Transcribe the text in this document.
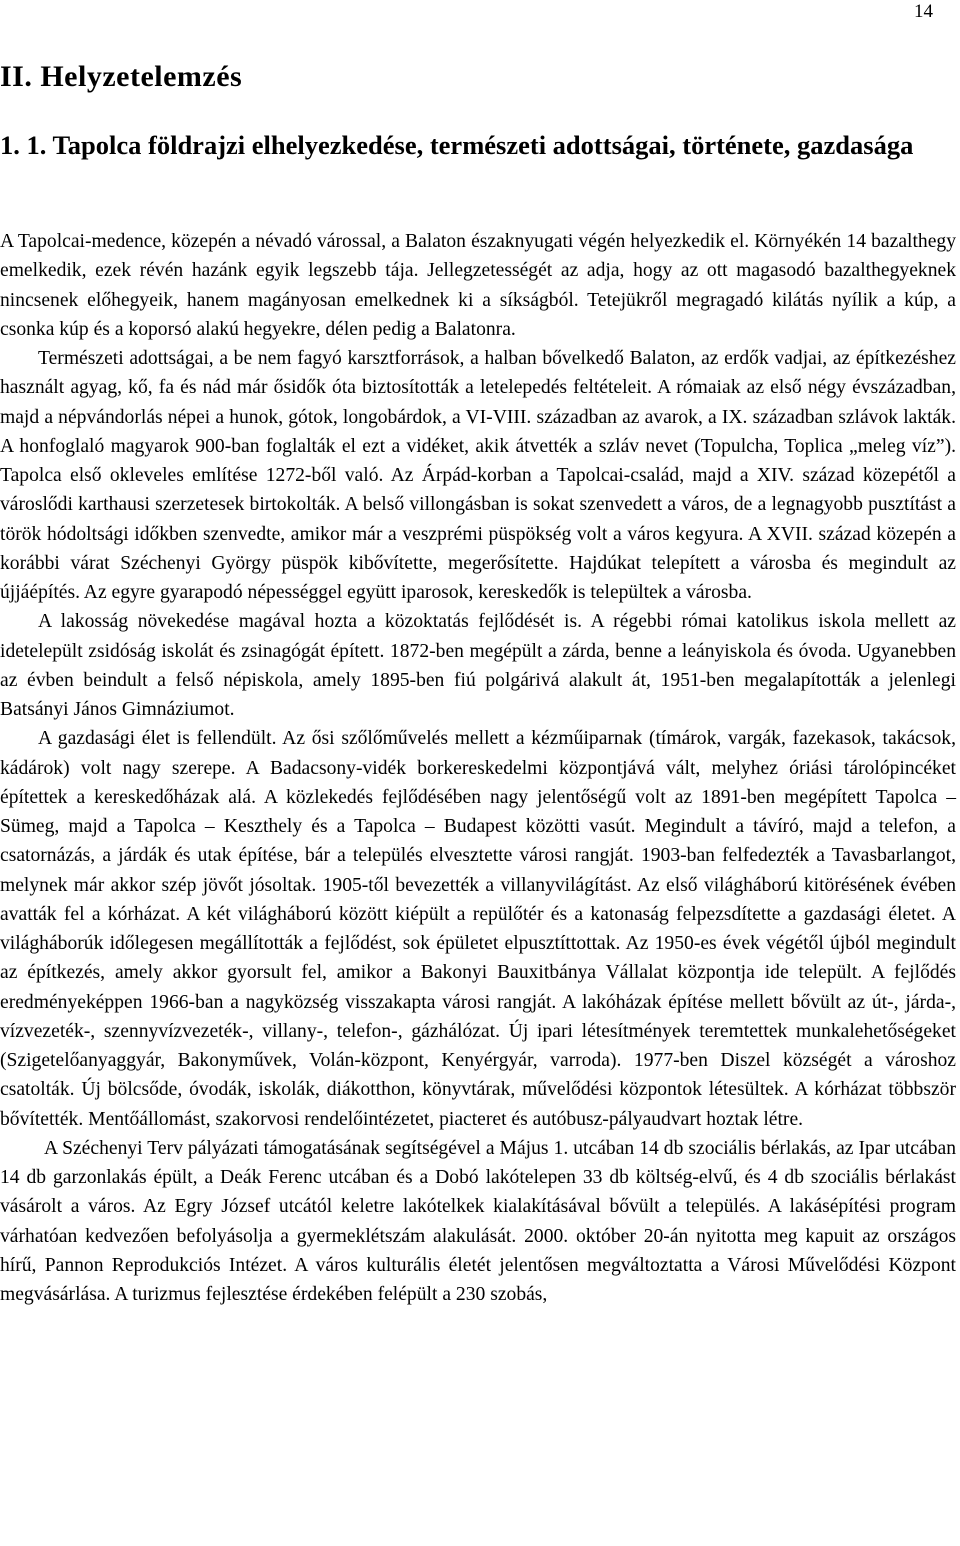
14
II. Helyzetelemzés
1. 1. Tapolca földrajzi elhelyezkedése, természeti adottságai, története, gazdasága

A Tapolcai-medence, közepén a névadó várossal, a Balaton északnyugati végén helyezkedik el. Környékén 14 bazalthegy emelkedik, ezek révén hazánk egyik legszebb tája. Jellegzetességét az adja, hogy az ott magasodó bazalthegyeknek nincsenek előhegyeik, hanem magányosan emelkednek ki a síkságból. Tetejükről megragadó kilátás nyílik a kúp, a csonka kúp és a koporsó alakú hegyekre, délen pedig a Balatonra.

Természeti adottságai, a be nem fagyó karsztforrások, a halban bővelkedő Balaton, az erdők vadjai, az építkezéshez használt agyag, kő, fa és nád már ősidők óta biztosították a letelepedés feltételeit. A rómaiak az első négy évszázadban, majd a népvándorlás népei a hunok, gótok, longobárdok, a VI-VIII. században az avarok, a IX. században szlávok lakták. A honfoglaló magyarok 900-ban foglalták el ezt a vidéket, akik átvették a szláv nevet (Topulcha, Toplica „meleg víz”). Tapolca első okleveles említése 1272-ből való. Az Árpád-korban a Tapolcai-család, majd a XIV. század közepétől a városlődi karthausi szerzetesek birtokolták. A belső villongásban is sokat szenvedett a város, de a legnagyobb pusztítást a török hódoltsági időkben szenvedte, amikor már a veszprémi püspökség volt a város kegyura. A XVII. század közepén a korábbi várat Széchenyi György püspök kibővítette, megerősítette. Hajdúkat telepített a városba és megindult az újjáépítés. Az egyre gyarapodó népességgel együtt iparosok, kereskedők is települtek a városba.

A lakosság növekedése magával hozta a közoktatás fejlődését is. A régebbi római katolikus iskola mellett az idetelepült zsidóság iskolát és zsinagógát épített. 1872-ben megépült a zárda, benne a leányiskola és óvoda. Ugyanebben az évben beindult a felső népiskola, amely 1895-ben fiú polgárivá alakult át, 1951-ben megalapították a jelenlegi Batsányi János Gimnáziumot.

A gazdasági élet is fellendült. Az ősi szőlőművelés mellett a kézműiparnak (tímárok, vargák, fazekasok, takácsok, kádárok) volt nagy szerepe. A Badacsony-vidék borkereskedelmi központjává vált, melyhez óriási tárolópincéket építettek a kereskedőházak alá. A közlekedés fejlődésében nagy jelentőségű volt az 1891-ben megépített Tapolca – Sümeg, majd a Tapolca – Keszthely és a Tapolca – Budapest közötti vasút. Megindult a távíró, majd a telefon, a csatornázás, a járdák és utak építése, bár a település elvesztette városi rangját. 1903-ban felfedezték a Tavasbarlangot, melynek már akkor szép jövőt jósoltak. 1905-től bevezették a villanyvilágítást. Az első világháború kitörésének évében avatták fel a kórházat. A két világháború között kiépült a repülőtér és a katonaság felpezsdítette a gazdasági életet. A világháborúk időlegesen megállították a fejlődést, sok épületet elpusztíttottak. Az 1950-es évek végétől újból megindult az építkezés, amely akkor gyorsult fel, amikor a Bakonyi Bauxitbánya Vállalat központja ide települt. A fejlődés eredményeképpen 1966-ban a nagyközség visszakapta városi rangját. A lakóházak építése mellett bővült az út-, járda-, vízvezeték-, szennyvízvezeték-, villany-, telefon-, gázhálózat. Új ipari létesítmények teremtettek munkalehetőségeket (Szigetelőanyaggyár, Bakonyművek, Volán-központ, Kenyérgyár, varroda). 1977-ben Diszel községét a városhoz csatolták. Új bölcsőde, óvodák, iskolák, diákotthon, könyvtárak, művelődési központok létesültek. A kórházat többször bővítették. Mentőállomást, szakorvosi rendelőintézetet, piacteret és autóbusz-pályaudvart hoztak létre.

A Széchenyi Terv pályázati támogatásának segítségével a Május 1. utcában 14 db szociális bérlakás, az Ipar utcában 14 db garzonlakás épült, a Deák Ferenc utcában és a Dobó lakótelepen 33 db költség-elvű, és 4 db szociális bérlakást vásárolt a város. Az Egry József utcától keletre lakótelkek kialakításával bővült a település. A lakásépítési program várhatóan kedvezően befolyásolja a gyermeklétszám alakulását. 2000. október 20-án nyitotta meg kapuit az országos hírű, Pannon Reprodukciós Intézet. A város kulturális életét jelentősen megváltoztatta a Városi Művelődési Központ megvásárlása. A turizmus fejlesztése érdekében felépült a 230 szobás,
